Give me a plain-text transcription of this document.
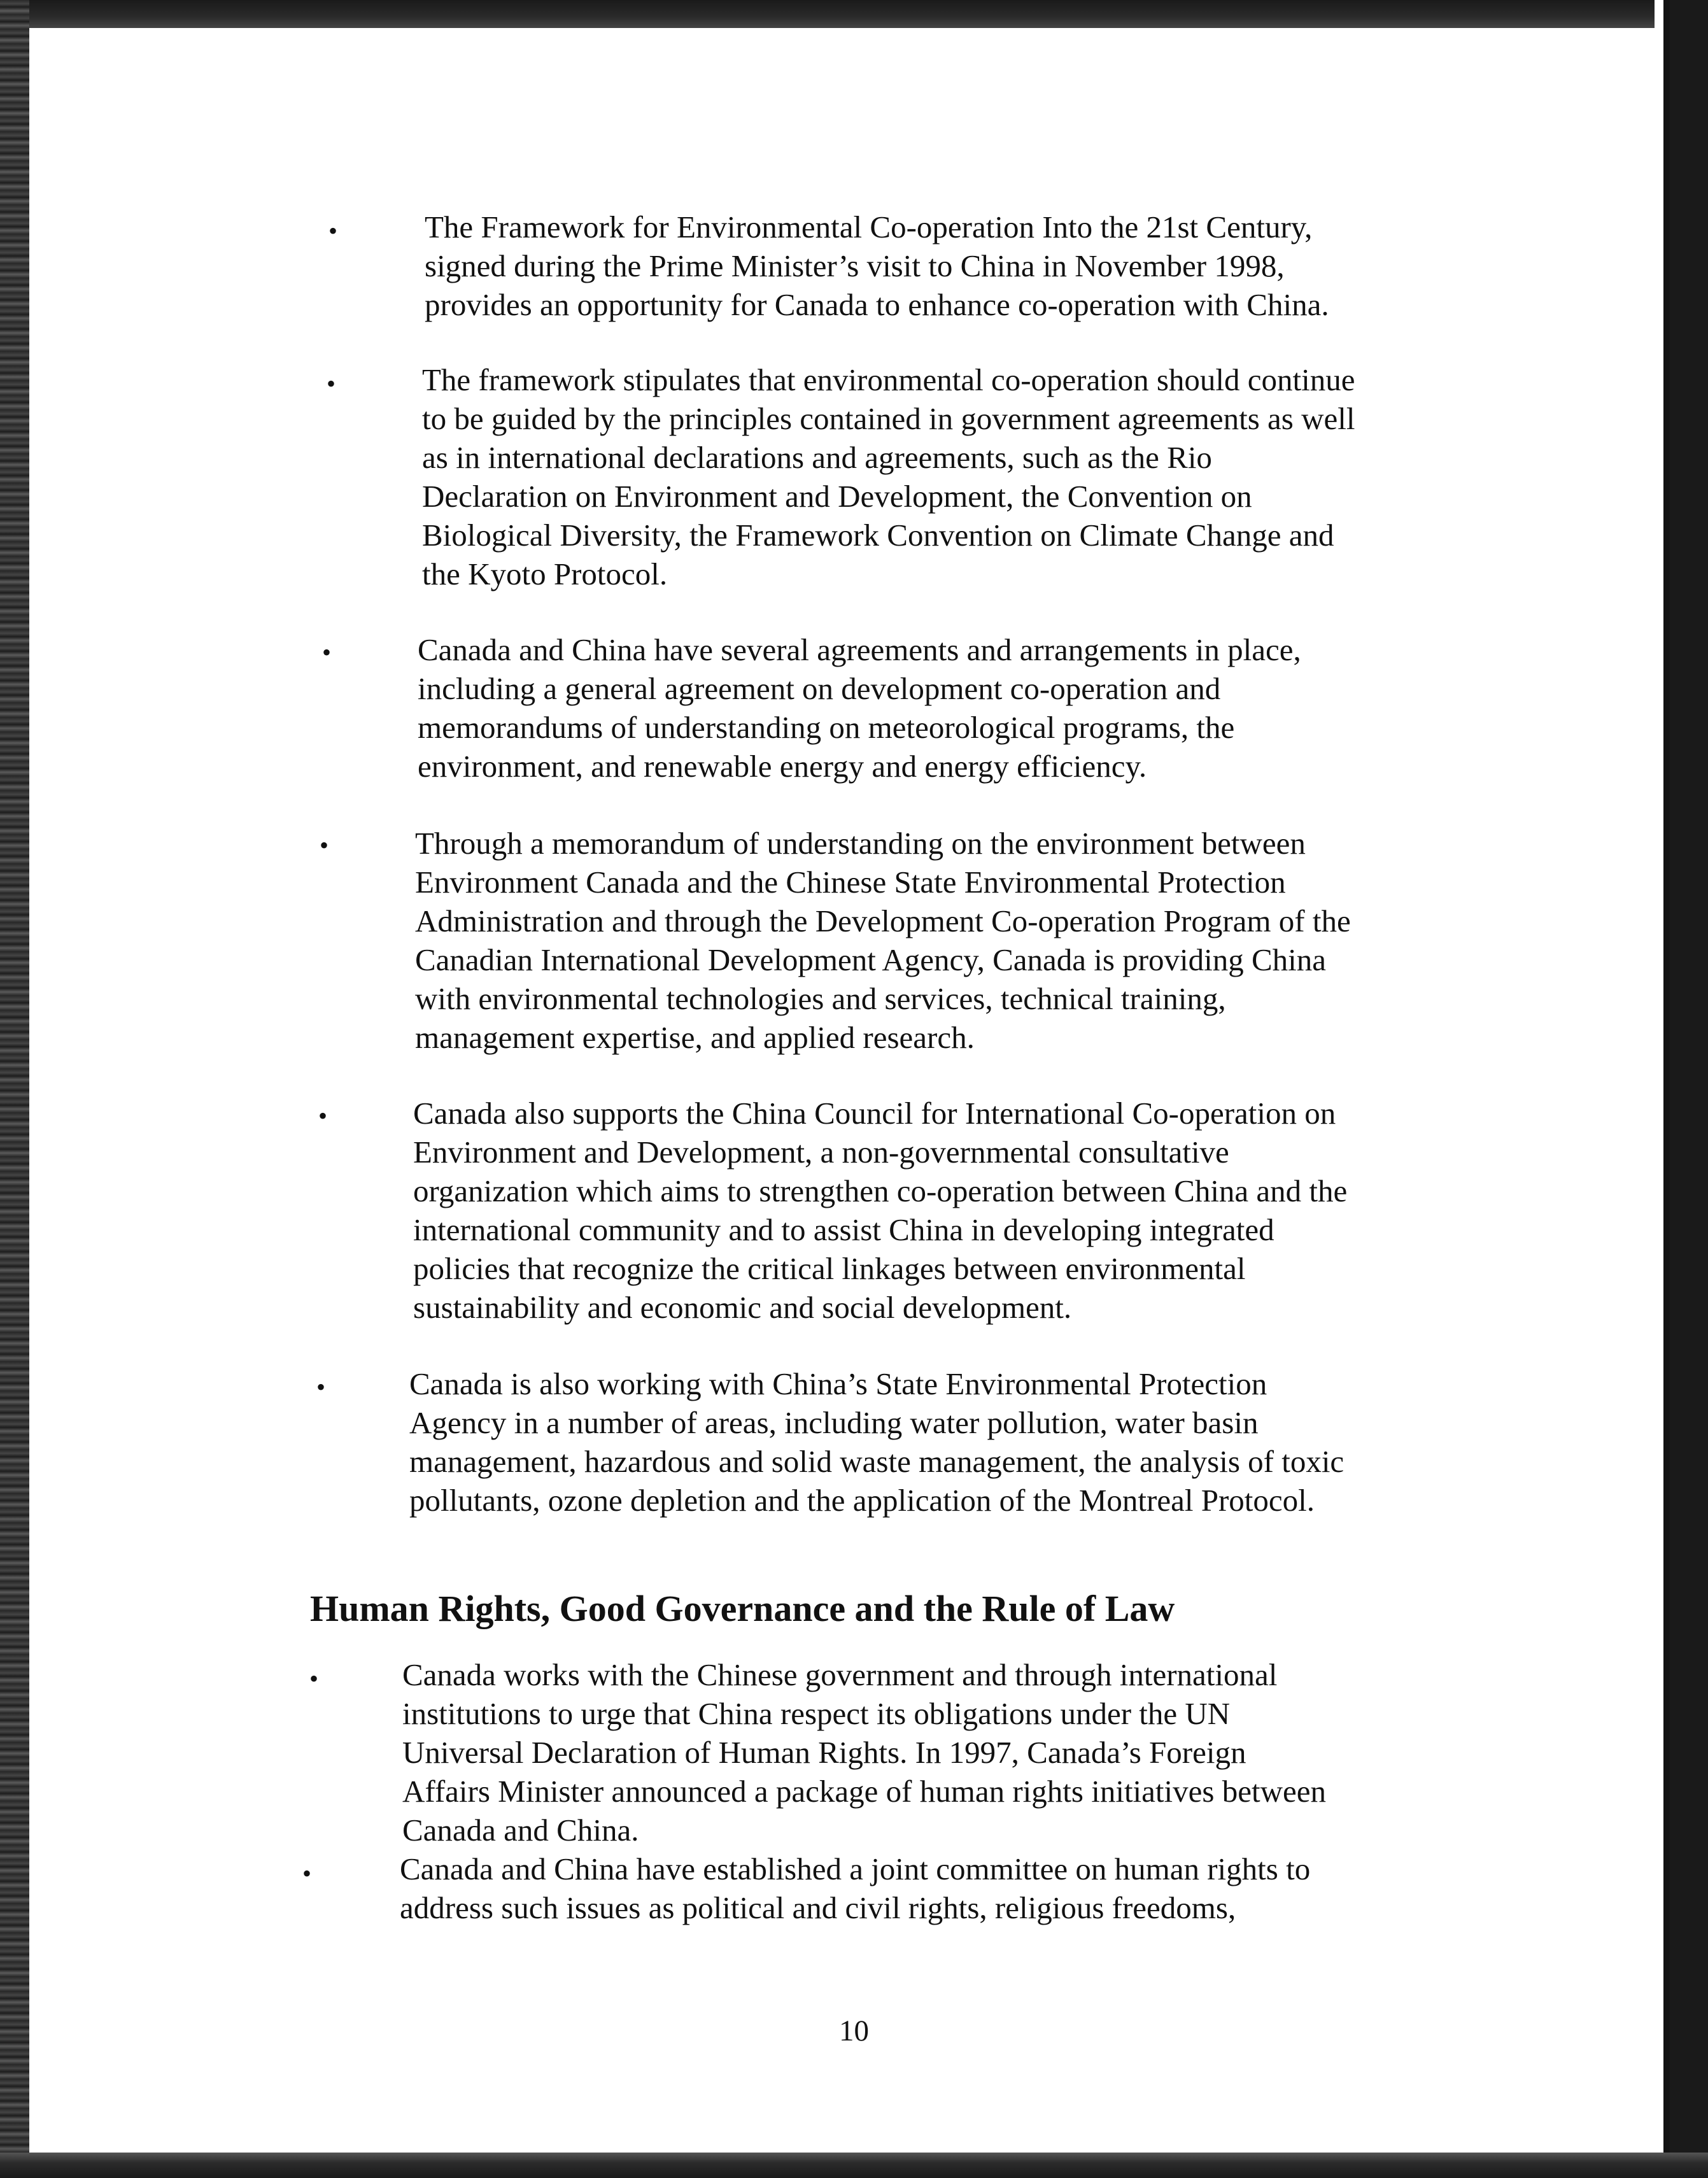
•	The Framework for Environmental Co-operation Into the 21st Century,
signed during the Prime Minister’s visit to China in November 1998,
provides an opportunity for Canada to enhance co-operation with China.
•	The framework stipulates that environmental co-operation should continue
to be guided by the principles contained in government agreements as well
as in international declarations and agreements, such as the Rio
Declaration on Environment and Development, the Convention on
Biological Diversity, the Framework Convention on Climate Change and
the Kyoto Protocol.
•	Canada and China have several agreements and arrangements in place,
including a general agreement on development co-operation and
memorandums of understanding on meteorological programs, the
environment, and renewable energy and energy efficiency.
•	Through a memorandum of understanding on the environment between
Environment Canada and the Chinese State Environmental Protection
Administration and through the Development Co-operation Program of the
Canadian International Development Agency, Canada is providing China
with environmental technologies and services, technical training,
management expertise, and applied research.
•	Canada also supports the China Council for International Co-operation on
Environment and Development, a non-governmental consultative
organization which aims to strengthen co-operation between China and the
international community and to assist China in developing integrated
policies that recognize the critical linkages between environmental
sustainability and economic and social development.
•	Canada is also working with China’s State Environmental Protection
Agency in a number of areas, including water pollution, water basin
management, hazardous and solid waste management, the analysis of toxic
pollutants, ozone depletion and the application of the Montreal Protocol.
Human Rights, Good Governance and the Rule of Law
•	Canada works with the Chinese government and through international
institutions to urge that China respect its obligations under the UN
Universal Declaration of Human Rights. In 1997, Canada’s Foreign
Affairs Minister announced a package of human rights initiatives between
Canada and China.
•	Canada and China have established a joint committee on human rights to
address such issues as political and civil rights, religious freedoms,
10
